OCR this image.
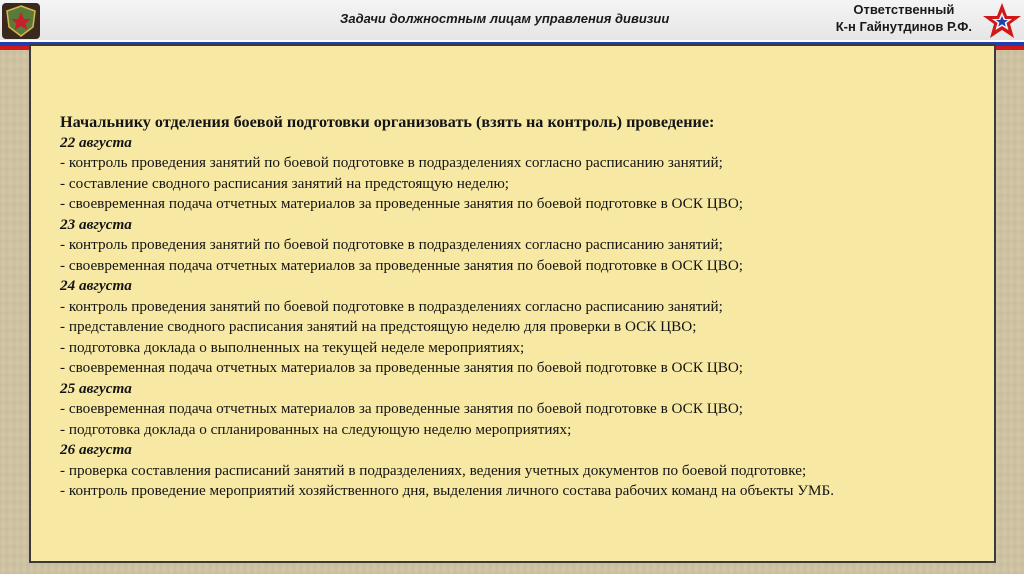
Задачи должностным лицам управления дивизии
Ответственный
К-н Гайнутдинов Р.Ф.
Начальнику отделения боевой подготовки организовать (взять на контроль) проведение:
22 августа
- контроль проведения занятий по боевой подготовке в подразделениях согласно расписанию занятий;
- составление сводного расписания занятий на предстоящую неделю;
- своевременная подача отчетных материалов за проведенные занятия по боевой подготовке в ОСК ЦВО;
23 августа
- контроль проведения занятий по боевой подготовке в подразделениях согласно расписанию занятий;
- своевременная подача отчетных материалов за проведенные занятия по боевой подготовке в ОСК ЦВО;
24 августа
- контроль проведения занятий по боевой подготовке в подразделениях согласно расписанию занятий;
- представление сводного расписания занятий на предстоящую неделю для проверки в ОСК ЦВО;
- подготовка доклада о выполненных на текущей неделе мероприятиях;
- своевременная подача отчетных материалов за проведенные занятия по боевой подготовке в ОСК ЦВО;
25 августа
- своевременная подача отчетных материалов за проведенные занятия по боевой подготовке в ОСК ЦВО;
- подготовка доклада о спланированных на следующую неделю мероприятиях;
26 августа
- проверка составления расписаний занятий в подразделениях, ведения учетных документов по боевой подготовке;
- контроль проведение мероприятий хозяйственного дня, выделения личного состава рабочих команд на объекты УМБ.
